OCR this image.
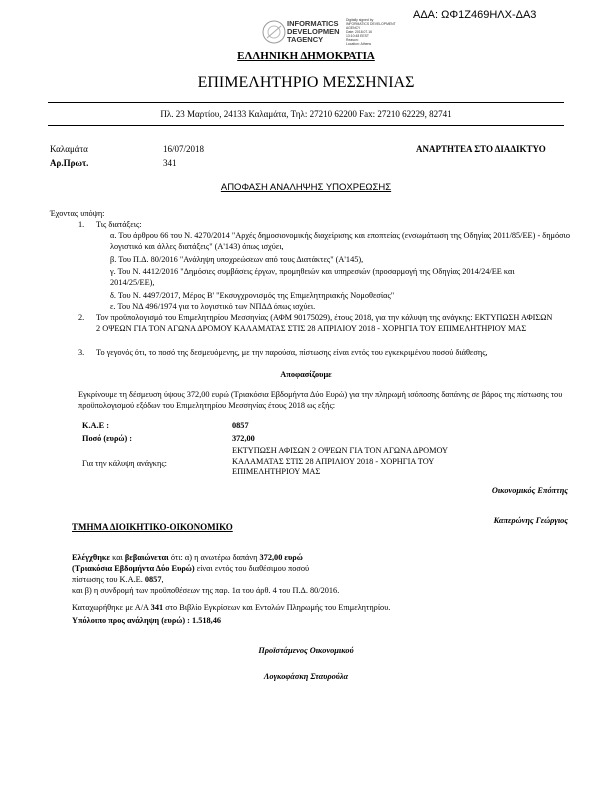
ΑΔΑ: ΩΦ1Ζ469ΗΛΧ-ΔΑ3
INFORMATICS
DEVELOPMEN
TAGENCY
Digitally signed by
INFORMATICS DEVELOPMENT
AGENCY
Date: 2018.07.16
13:10:48 EEST
Reason:
Location: Athens
ΕΛΛΗΝΙΚΗ ΔΗΜΟΚΡΑΤΙΑ
ΕΠΙΜΕΛΗΤΗΡΙΟ ΜΕΣΣΗΝΙΑΣ
Πλ. 23 Μαρτίου, 24133 Καλαμάτα, Τηλ: 27210 62200 Fax: 27210 62229, 82741
Καλαμάτα	16/07/2018	ΑΝΑΡΤΗΤΕΑ ΣΤΟ ΔΙΑΔΙΚΤΥΟ
Αρ.Πρωτ.	341
ΑΠΟΦΑΣΗ ΑΝΑΛΗΨΗΣ ΥΠΟΧΡΕΩΣΗΣ
Έχοντας υπόψη:
1. Τις διατάξεις:
α. Του άρθρου 66 του Ν. 4270/2014 "Αρχές δημοσιονομικής διαχείρισης και εποπτείας (ενσωμάτωση της Οδηγίας 2011/85/ΕΕ) - δημόσιο λογιστικό και άλλες διατάξεις" (Α'143) όπως ισχύει,
β. Του Π.Δ. 80/2016 "Ανάληψη υποχρεώσεων από τους Διατάκτες" (Α'145),
γ. Του Ν. 4412/2016 "Δημόσιες συμβάσεις έργων, προμηθειών και υπηρεσιών (προσαρμογή της Οδηγίας 2014/24/ΕΕ και 2014/25/ΕΕ),
δ. Του Ν. 4497/2017, Μέρος Β' "Εκσυγχρονισμός της Επιμελητηριακής Νομοθεσίας"
ε. Του ΝΔ 496/1974 για το λογιστικό των ΝΠΔΔ όπως ισχύει.
2. Τον προϋπολογισμό του Επιμελητηρίου Μεσσηνίας (ΑΦΜ 90175029), έτους 2018, για την κάλυψη της ανάγκης: ΕΚΤΥΠΩΣΗ ΑΦΙΣΩΝ 2 ΟΨΕΩΝ ΓΙΑ ΤΟΝ ΑΓΩΝΑ ΔΡΟΜΟΥ ΚΑΛΑΜΑΤΑΣ ΣΤΙΣ 28 ΑΠΡΙΛΙΟΥ 2018 - ΧΟΡΗΓΙΑ ΤΟΥ ΕΠΙΜΕΛΗΤΗΡΙΟΥ ΜΑΣ
3. Το γεγονός ότι, το ποσό της δεσμευόμενης, με την παρούσα, πίστωσης είναι εντός του εγκεκριμένου ποσού διάθεσης,
Αποφασίζουμε
Εγκρίνουμε τη δέσμευση ύψους 372,00 ευρώ (Τριακόσια Εβδομήντα Δύο Ευρώ) για την πληρωμή ισόποσης δαπάνης σε βάρος της πίστωσης του προϋπολογισμού εξόδων του Επιμελητηρίου Μεσσηνίας έτους 2018 ως εξής:
Κ.Α.Ε :	0857
Ποσό (ευρώ) :	372,00
Για την κάλυψη ανάγκης:
ΕΚΤΥΠΩΣΗ ΑΦΙΣΩΝ 2 ΟΨΕΩΝ ΓΙΑ ΤΟΝ ΑΓΩΝΑ ΔΡΟΜΟΥ ΚΑΛΑΜΑΤΑΣ ΣΤΙΣ 28 ΑΠΡΙΛΙΟΥ 2018 - ΧΟΡΗΓΙΑ ΤΟΥ ΕΠΙΜΕΛΗΤΗΡΙΟΥ ΜΑΣ
Οικονομικός Επόπτης
Καπερώνης Γεώργιος
ΤΜΗΜΑ ΔΙΟΙΚΗΤΙΚΟ-ΟΙΚΟΝΟΜΙΚΟ
Ελέγχθηκε και βεβαιώνεται ότι: α) η ανωτέρω δαπάνη 372,00 ευρώ
(Τριακόσια Εβδομήντα Δύο Ευρώ) είναι εντός του διαθέσιμου ποσού
πίστωσης του Κ.Α.Ε. 0857,
και β) η συνδρομή των προϋποθέσεων της παρ. 1α του άρθ. 4 του Π.Δ. 80/2016.
Καταχωρήθηκε με Α/Α 341 στο Βιβλίο Εγκρίσεων και Εντολών Πληρωμής του Επιμελητηρίου.
Υπόλοιπο προς ανάληψη (ευρώ) : 1.518,46
Προϊστάμενος Οικονομικού
Λογκοφάσκη Σταυρούλα
